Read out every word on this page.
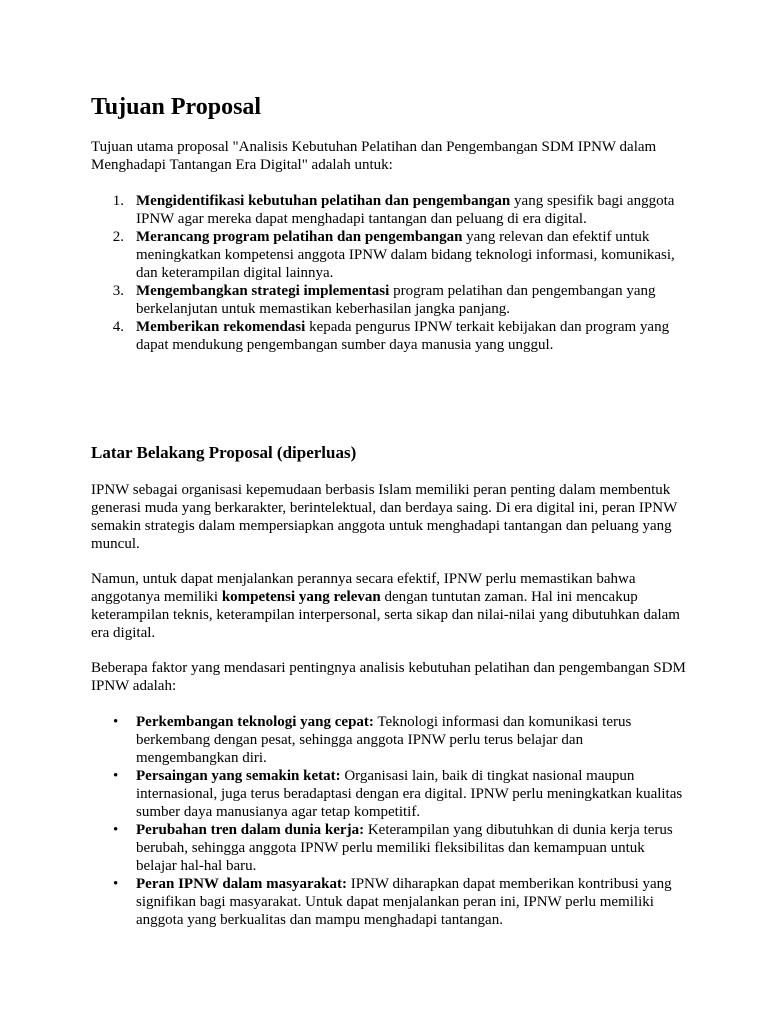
Tujuan Proposal

Tujuan utama proposal "Analisis Kebutuhan Pelatihan dan Pengembangan SDM IPNW dalam Menghadapi Tantangan Era Digital" adalah untuk:

1. Mengidentifikasi kebutuhan pelatihan dan pengembangan yang spesifik bagi anggota IPNW agar mereka dapat menghadapi tantangan dan peluang di era digital.
2. Merancang program pelatihan dan pengembangan yang relevan dan efektif untuk meningkatkan kompetensi anggota IPNW dalam bidang teknologi informasi, komunikasi, dan keterampilan digital lainnya.
3. Mengembangkan strategi implementasi program pelatihan dan pengembangan yang berkelanjutan untuk memastikan keberhasilan jangka panjang.
4. Memberikan rekomendasi kepada pengurus IPNW terkait kebijakan dan program yang dapat mendukung pengembangan sumber daya manusia yang unggul.
Latar Belakang Proposal (diperluas)

IPNW sebagai organisasi kepemudaan berbasis Islam memiliki peran penting dalam membentuk generasi muda yang berkarakter, berintelektual, dan berdaya saing. Di era digital ini, peran IPNW semakin strategis dalam mempersiapkan anggota untuk menghadapi tantangan dan peluang yang muncul.

Namun, untuk dapat menjalankan perannya secara efektif, IPNW perlu memastikan bahwa anggotanya memiliki kompetensi yang relevan dengan tuntutan zaman. Hal ini mencakup keterampilan teknis, keterampilan interpersonal, serta sikap dan nilai-nilai yang dibutuhkan dalam era digital.

Beberapa faktor yang mendasari pentingnya analisis kebutuhan pelatihan dan pengembangan SDM IPNW adalah:

• Perkembangan teknologi yang cepat: Teknologi informasi dan komunikasi terus berkembang dengan pesat, sehingga anggota IPNW perlu terus belajar dan mengembangkan diri.
• Persaingan yang semakin ketat: Organisasi lain, baik di tingkat nasional maupun internasional, juga terus beradaptasi dengan era digital. IPNW perlu meningkatkan kualitas sumber daya manusianya agar tetap kompetitif.
• Perubahan tren dalam dunia kerja: Keterampilan yang dibutuhkan di dunia kerja terus berubah, sehingga anggota IPNW perlu memiliki fleksibilitas dan kemampuan untuk belajar hal-hal baru.
• Peran IPNW dalam masyarakat: IPNW diharapkan dapat memberikan kontribusi yang signifikan bagi masyarakat. Untuk dapat menjalankan peran ini, IPNW perlu memiliki anggota yang berkualitas dan mampu menghadapi tantangan.
